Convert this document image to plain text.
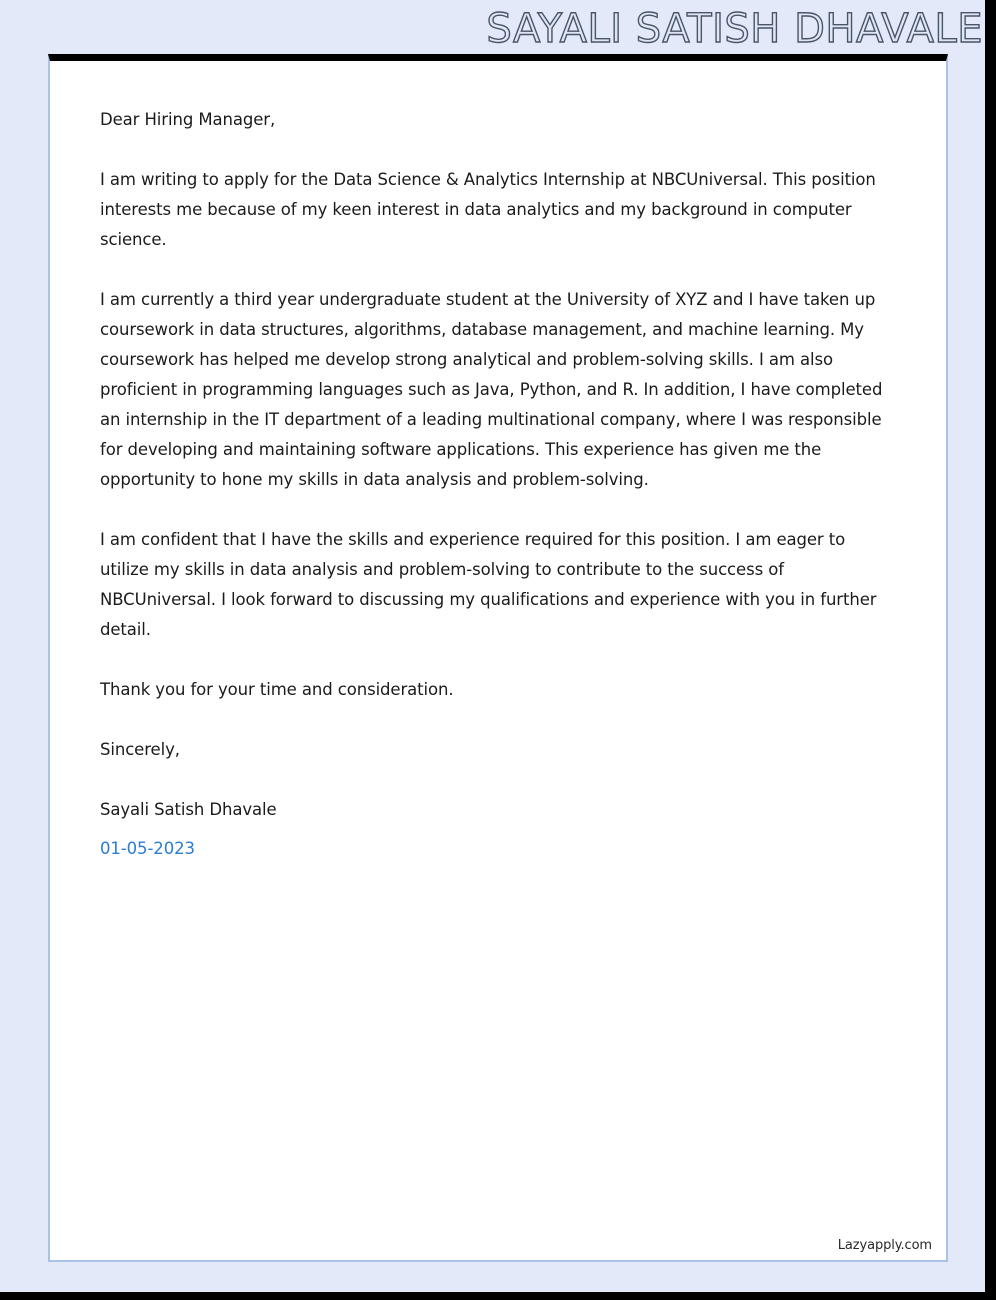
SAYALI SATISH DHAVALE

Dear Hiring Manager,

I am writing to apply for the Data Science & Analytics Internship at NBCUniversal. This position interests me because of my keen interest in data analytics and my background in computer science.

I am currently a third year undergraduate student at the University of XYZ and I have taken up coursework in data structures, algorithms, database management, and machine learning. My coursework has helped me develop strong analytical and problem-solving skills. I am also proficient in programming languages such as Java, Python, and R. In addition, I have completed an internship in the IT department of a leading multinational company, where I was responsible for developing and maintaining software applications. This experience has given me the opportunity to hone my skills in data analysis and problem-solving.

I am confident that I have the skills and experience required for this position. I am eager to utilize my skills in data analysis and problem-solving to contribute to the success of NBCUniversal. I look forward to discussing my qualifications and experience with you in further detail.

Thank you for your time and consideration.

Sincerely,

Sayali Satish Dhavale

01-05-2023

Lazyapply.com
